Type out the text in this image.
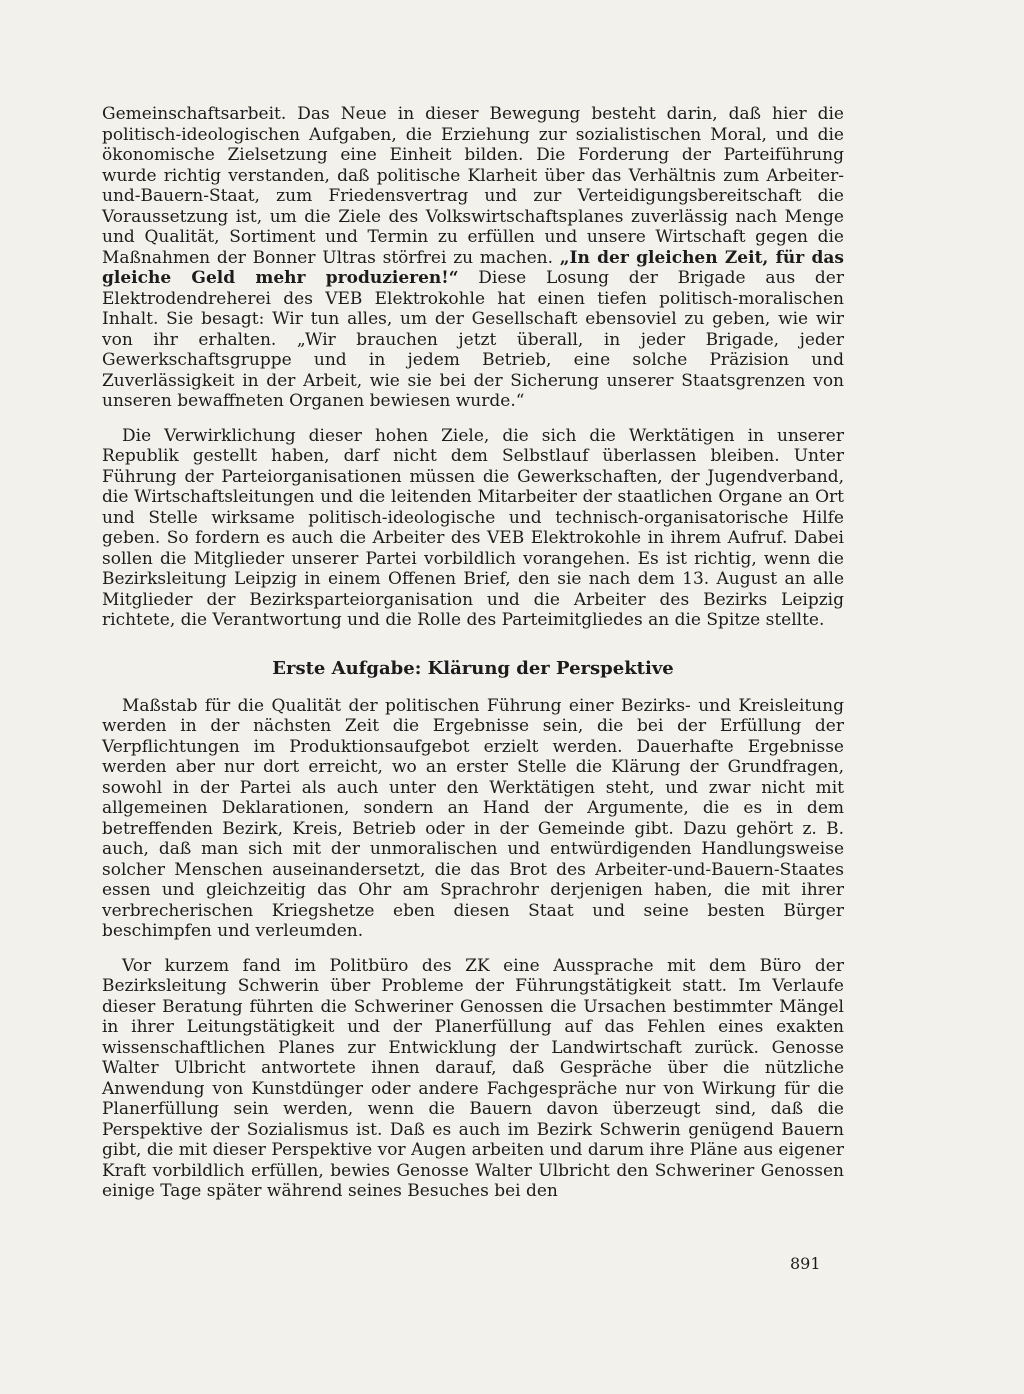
Gemeinschaftsarbeit. Das Neue in dieser Bewegung besteht darin, daß hier die politisch-ideologischen Aufgaben, die Erziehung zur sozialistischen Moral, und die ökonomische Zielsetzung eine Einheit bilden. Die Forderung der Parteiführung wurde richtig verstanden, daß politische Klarheit über das Verhältnis zum Arbeiter-und-Bauern-Staat, zum Friedensvertrag und zur Verteidigungsbereitschaft die Voraussetzung ist, um die Ziele des Volkswirtschaftsplanes zuverlässig nach Menge und Qualität, Sortiment und Termin zu erfüllen und unsere Wirtschaft gegen die Maßnahmen der Bonner Ultras störfrei zu machen. „In der gleichen Zeit, für das gleiche Geld mehr produzieren!“ Diese Losung der Brigade aus der Elektrodendreherei des VEB Elektrokohle hat einen tiefen politisch-moralischen Inhalt. Sie besagt: Wir tun alles, um der Gesellschaft ebensoviel zu geben, wie wir von ihr erhalten. „Wir brauchen jetzt überall, in jeder Brigade, jeder Gewerkschaftsgruppe und in jedem Betrieb, eine solche Präzision und Zuverlässigkeit in der Arbeit, wie sie bei der Sicherung unserer Staatsgrenzen von unseren bewaffneten Organen bewiesen wurde.“

Die Verwirklichung dieser hohen Ziele, die sich die Werktätigen in unserer Republik gestellt haben, darf nicht dem Selbstlauf überlassen bleiben. Unter Führung der Parteiorganisationen müssen die Gewerkschaften, der Jugendverband, die Wirtschaftsleitungen und die leitenden Mitarbeiter der staatlichen Organe an Ort und Stelle wirksame politisch-ideologische und technisch-organisatorische Hilfe geben. So fordern es auch die Arbeiter des VEB Elektrokohle in ihrem Aufruf. Dabei sollen die Mitglieder unserer Partei vorbildlich vorangehen. Es ist richtig, wenn die Bezirksleitung Leipzig in einem Offenen Brief, den sie nach dem 13. August an alle Mitglieder der Bezirksparteiorganisation und die Arbeiter des Bezirks Leipzig richtete, die Verantwortung und die Rolle des Parteimitgliedes an die Spitze stellte.

Erste Aufgabe: Klärung der Perspektive

Maßstab für die Qualität der politischen Führung einer Bezirks- und Kreisleitung werden in der nächsten Zeit die Ergebnisse sein, die bei der Erfüllung der Verpflichtungen im Produktionsaufgebot erzielt werden. Dauerhafte Ergebnisse werden aber nur dort erreicht, wo an erster Stelle die Klärung der Grundfragen, sowohl in der Partei als auch unter den Werktätigen steht, und zwar nicht mit allgemeinen Deklarationen, sondern an Hand der Argumente, die es in dem betreffenden Bezirk, Kreis, Betrieb oder in der Gemeinde gibt. Dazu gehört z. B. auch, daß man sich mit der unmoralischen und entwürdigenden Handlungsweise solcher Menschen auseinandersetzt, die das Brot des Arbeiter-und-Bauern-Staates essen und gleichzeitig das Ohr am Sprachrohr derjenigen haben, die mit ihrer verbrecherischen Kriegshetze eben diesen Staat und seine besten Bürger beschimpfen und verleumden.

Vor kurzem fand im Politbüro des ZK eine Aussprache mit dem Büro der Bezirksleitung Schwerin über Probleme der Führungstätigkeit statt. Im Verlaufe dieser Beratung führten die Schweriner Genossen die Ursachen bestimmter Mängel in ihrer Leitungstätigkeit und der Planerfüllung auf das Fehlen eines exakten wissenschaftlichen Planes zur Entwicklung der Landwirtschaft zurück. Genosse Walter Ulbricht antwortete ihnen darauf, daß Gespräche über die nützliche Anwendung von Kunstdünger oder andere Fachgespräche nur von Wirkung für die Planerfüllung sein werden, wenn die Bauern davon überzeugt sind, daß die Perspektive der Sozialismus ist. Daß es auch im Bezirk Schwerin genügend Bauern gibt, die mit dieser Perspektive vor Augen arbeiten und darum ihre Pläne aus eigener Kraft vorbildlich erfüllen, bewies Genosse Walter Ulbricht den Schweriner Genossen einige Tage später während seines Besuches bei den

891
